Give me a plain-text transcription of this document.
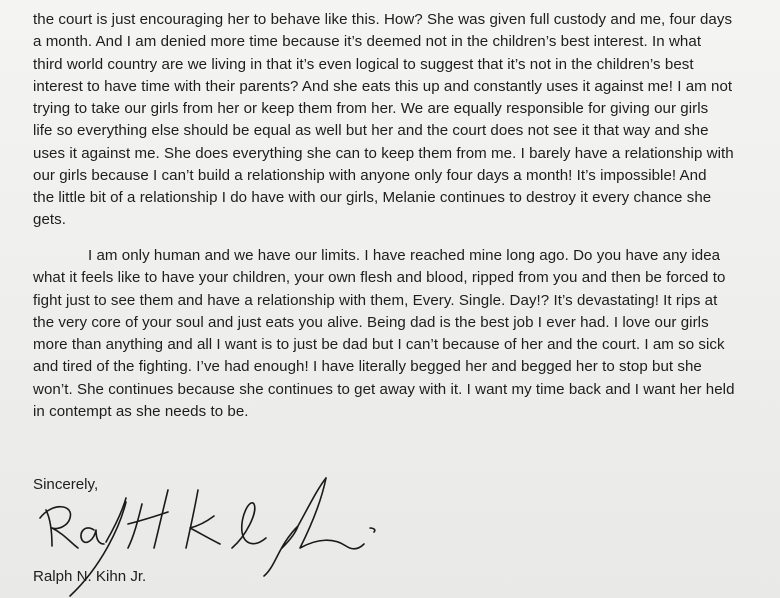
the court is just encouraging her to behave like this. How? She was given full custody and me, four days
a month. And I am denied more time because it’s deemed not in the children’s best interest. In what
third world country are we living in that it’s even logical to suggest that it’s not in the children’s best
interest to have time with their parents? And she eats this up and constantly uses it against me! I am not
trying to take our girls from her or keep them from her. We are equally responsible for giving our girls
life so everything else should be equal as well but her and the court does not see it that way and she
uses it against me. She does everything she can to keep them from me. I barely have a relationship with
our girls because I can’t build a relationship with anyone only four days a month! It’s impossible! And
the little bit of a relationship I do have with our girls, Melanie continues to destroy it every chance she
gets.
I am only human and we have our limits. I have reached mine long ago. Do you have any idea
what it feels like to have your children, your own flesh and blood, ripped from you and then be forced to
fight just to see them and have a relationship with them, Every. Single. Day!? It’s devastating! It rips at
the very core of your soul and just eats you alive. Being dad is the best job I ever had. I love our girls
more than anything and all I want is to just be dad but I can’t because of her and the court. I am so sick
and tired of the fighting. I’ve had enough! I have literally begged her and begged her to stop but she
won’t. She continues because she continues to get away with it. I want my time back and I want her held
in contempt as she needs to be.
Sincerely,
Ralph N. Kihn Jr.
